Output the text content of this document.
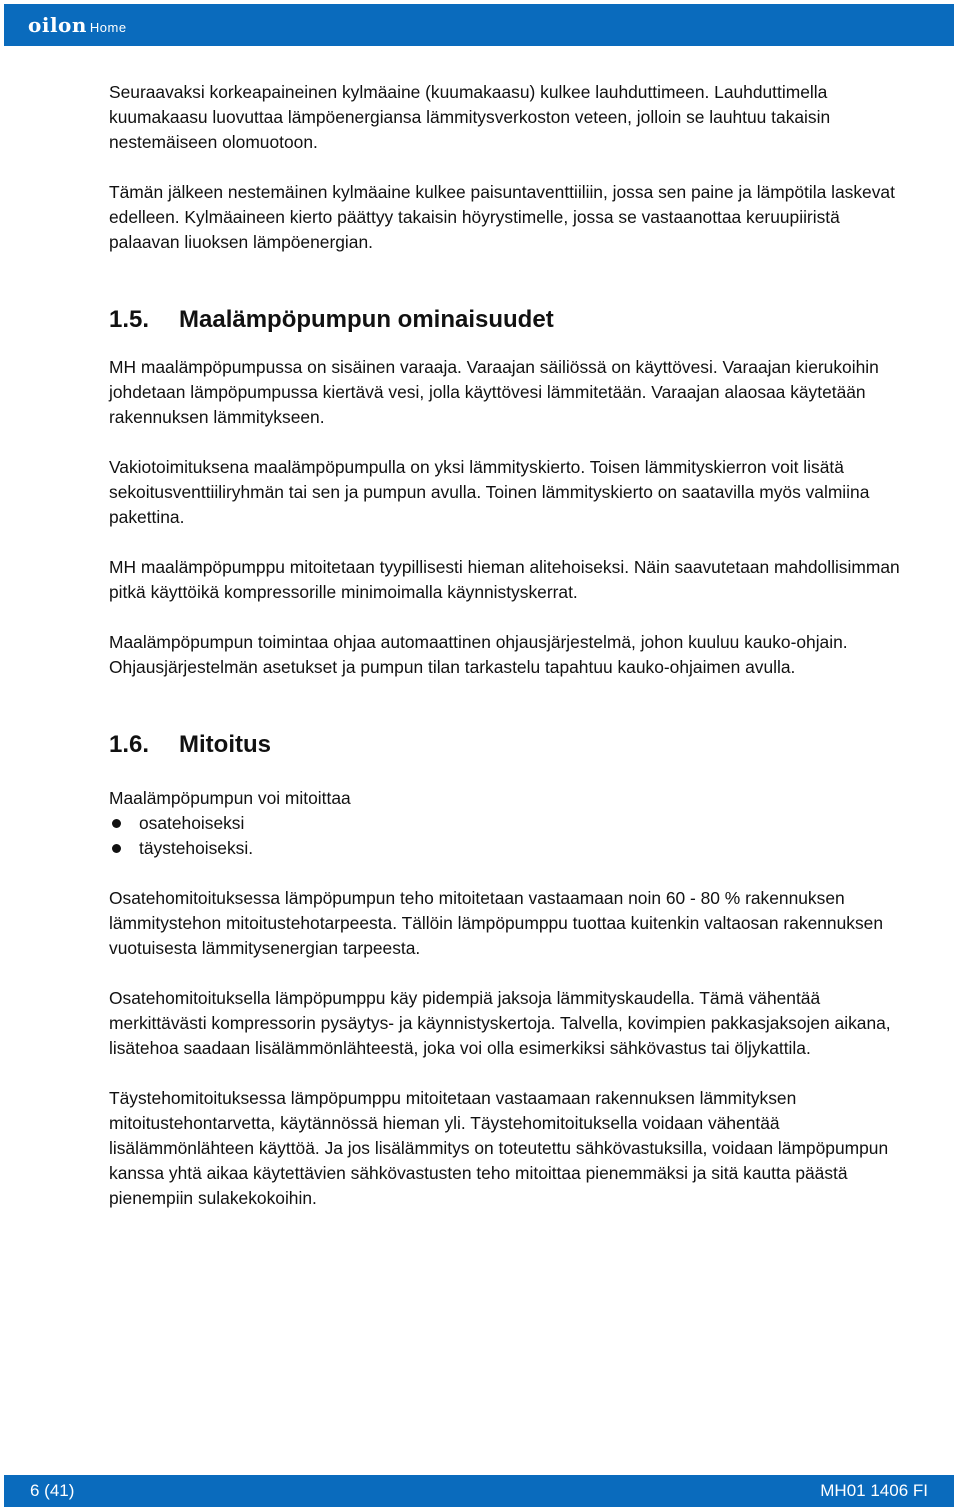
oilon Home

Seuraavaksi korkeapaineinen kylmäaine (kuumakaasu) kulkee lauhduttimeen. Lauhduttimella kuumakaasu luovuttaa lämpöenergiansa lämmitysverkoston veteen, jolloin se lauhtuu takaisin nestemäiseen olomuotoon.

Tämän jälkeen nestemäinen kylmäaine kulkee paisuntaventtiiliin, jossa sen paine ja lämpötila laskevat edelleen. Kylmäaineen kierto päättyy takaisin höyrystimelle, jossa se vastaanottaa keruupiiristä palaavan liuoksen lämpöenergian.

1.5.	Maalämpöpumpun ominaisuudet

MH maalämpöpumpussa on sisäinen varaaja. Varaajan säiliössä on käyttövesi. Varaajan kierukoihin johdetaan lämpöpumpussa kiertävä vesi, jolla käyttövesi lämmitetään. Varaajan alaosaa käytetään rakennuksen lämmitykseen.

Vakiotoimituksena maalämpöpumpulla on yksi lämmityskierto. Toisen lämmityskierron voit lisätä sekoitusventtiiliryhmän tai sen ja pumpun avulla. Toinen lämmityskierto on saatavilla myös valmiina pakettina.

MH maalämpöpumppu mitoitetaan tyypillisesti hieman alitehoiseksi. Näin saavutetaan mahdollisimman pitkä käyttöikä kompressorille minimoimalla käynnistyskerrat.

Maalämpöpumpun toimintaa ohjaa automaattinen ohjausjärjestelmä, johon kuuluu kauko-ohjain. Ohjausjärjestelmän asetukset ja pumpun tilan tarkastelu tapahtuu kauko-ohjaimen avulla.

1.6.	Mitoitus

Maalämpöpumpun voi mitoittaa

osatehoiseksi
täystehoiseksi.

Osatehomitoituksessa lämpöpumpun teho mitoitetaan vastaamaan noin 60 - 80 % rakennuksen lämmitystehon mitoitustehotarpeesta. Tällöin lämpöpumppu tuottaa kuitenkin valtaosan rakennuksen vuotuisesta lämmitysenergian tarpeesta.

Osatehomitoituksella lämpöpumppu käy pidempiä jaksoja lämmityskaudella. Tämä vähentää merkittävästi kompressorin pysäytys- ja käynnistyskertoja. Talvella, kovimpien pakkasjaksojen aikana, lisätehoa saadaan lisälämmönlähteestä, joka voi olla esimerkiksi sähkövastus tai öljykattila.

Täystehomitoituksessa lämpöpumppu mitoitetaan vastaamaan rakennuksen lämmityksen mitoitustehontarvetta, käytännössä hieman yli. Täystehomitoituksella voidaan vähentää lisälämmönlähteen käyttöä. Ja jos lisälämmitys on toteutettu sähkövastuksilla, voidaan lämpöpumpun kanssa yhtä aikaa käytettävien sähkövastusten teho mitoittaa pienemmäksi ja sitä kautta päästä pienempiin sulakekokoihin.

6 (41)	MH01 1406 FI
